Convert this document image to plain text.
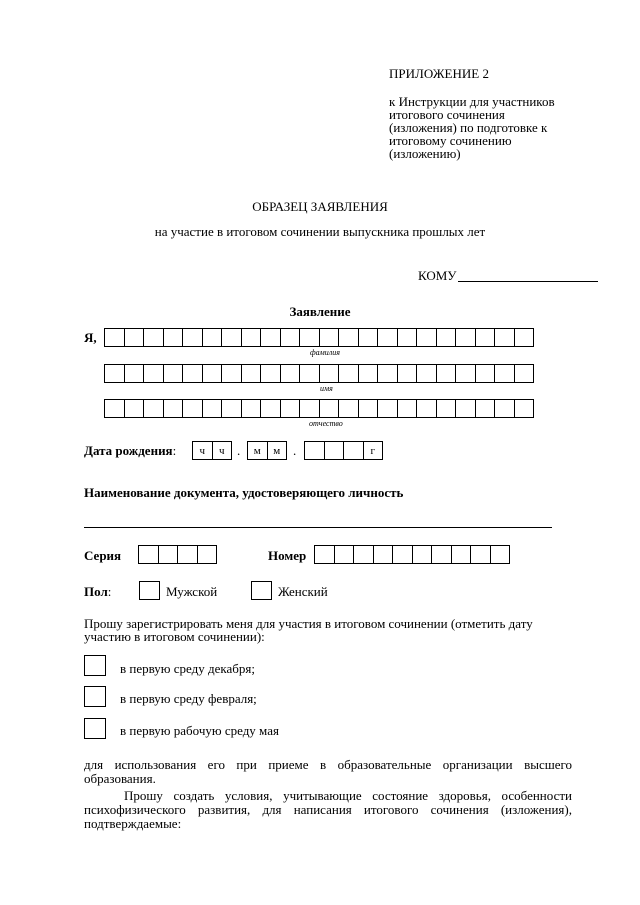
ПРИЛОЖЕНИЕ 2
к Инструкции для участников
итогового сочинения
(изложения) по подготовке к
итоговому сочинению
(изложению)
ОБРАЗЕЦ ЗАЯВЛЕНИЯ
на участие в итоговом сочинении выпускника прошлых лет
КОМУ
Заявление
Я,
фамилия
имя
отчество
Дата рождения:	ч	ч .	м	м .	г
Наименование документа, удостоверяющего личность
Серия	Номер
Пол:	Мужской	Женский
Прошу зарегистрировать меня для участия в итоговом сочинении (отметить дату
участию в итоговом сочинении):
в первую среду декабря;
в первую среду февраля;
в первую рабочую среду мая
для использования его при приеме в образовательные организации высшего
образования.
Прошу создать условия, учитывающие состояние здоровья, особенности
психофизического развития, для написания итогового сочинения (изложения),
подтверждаемые:
